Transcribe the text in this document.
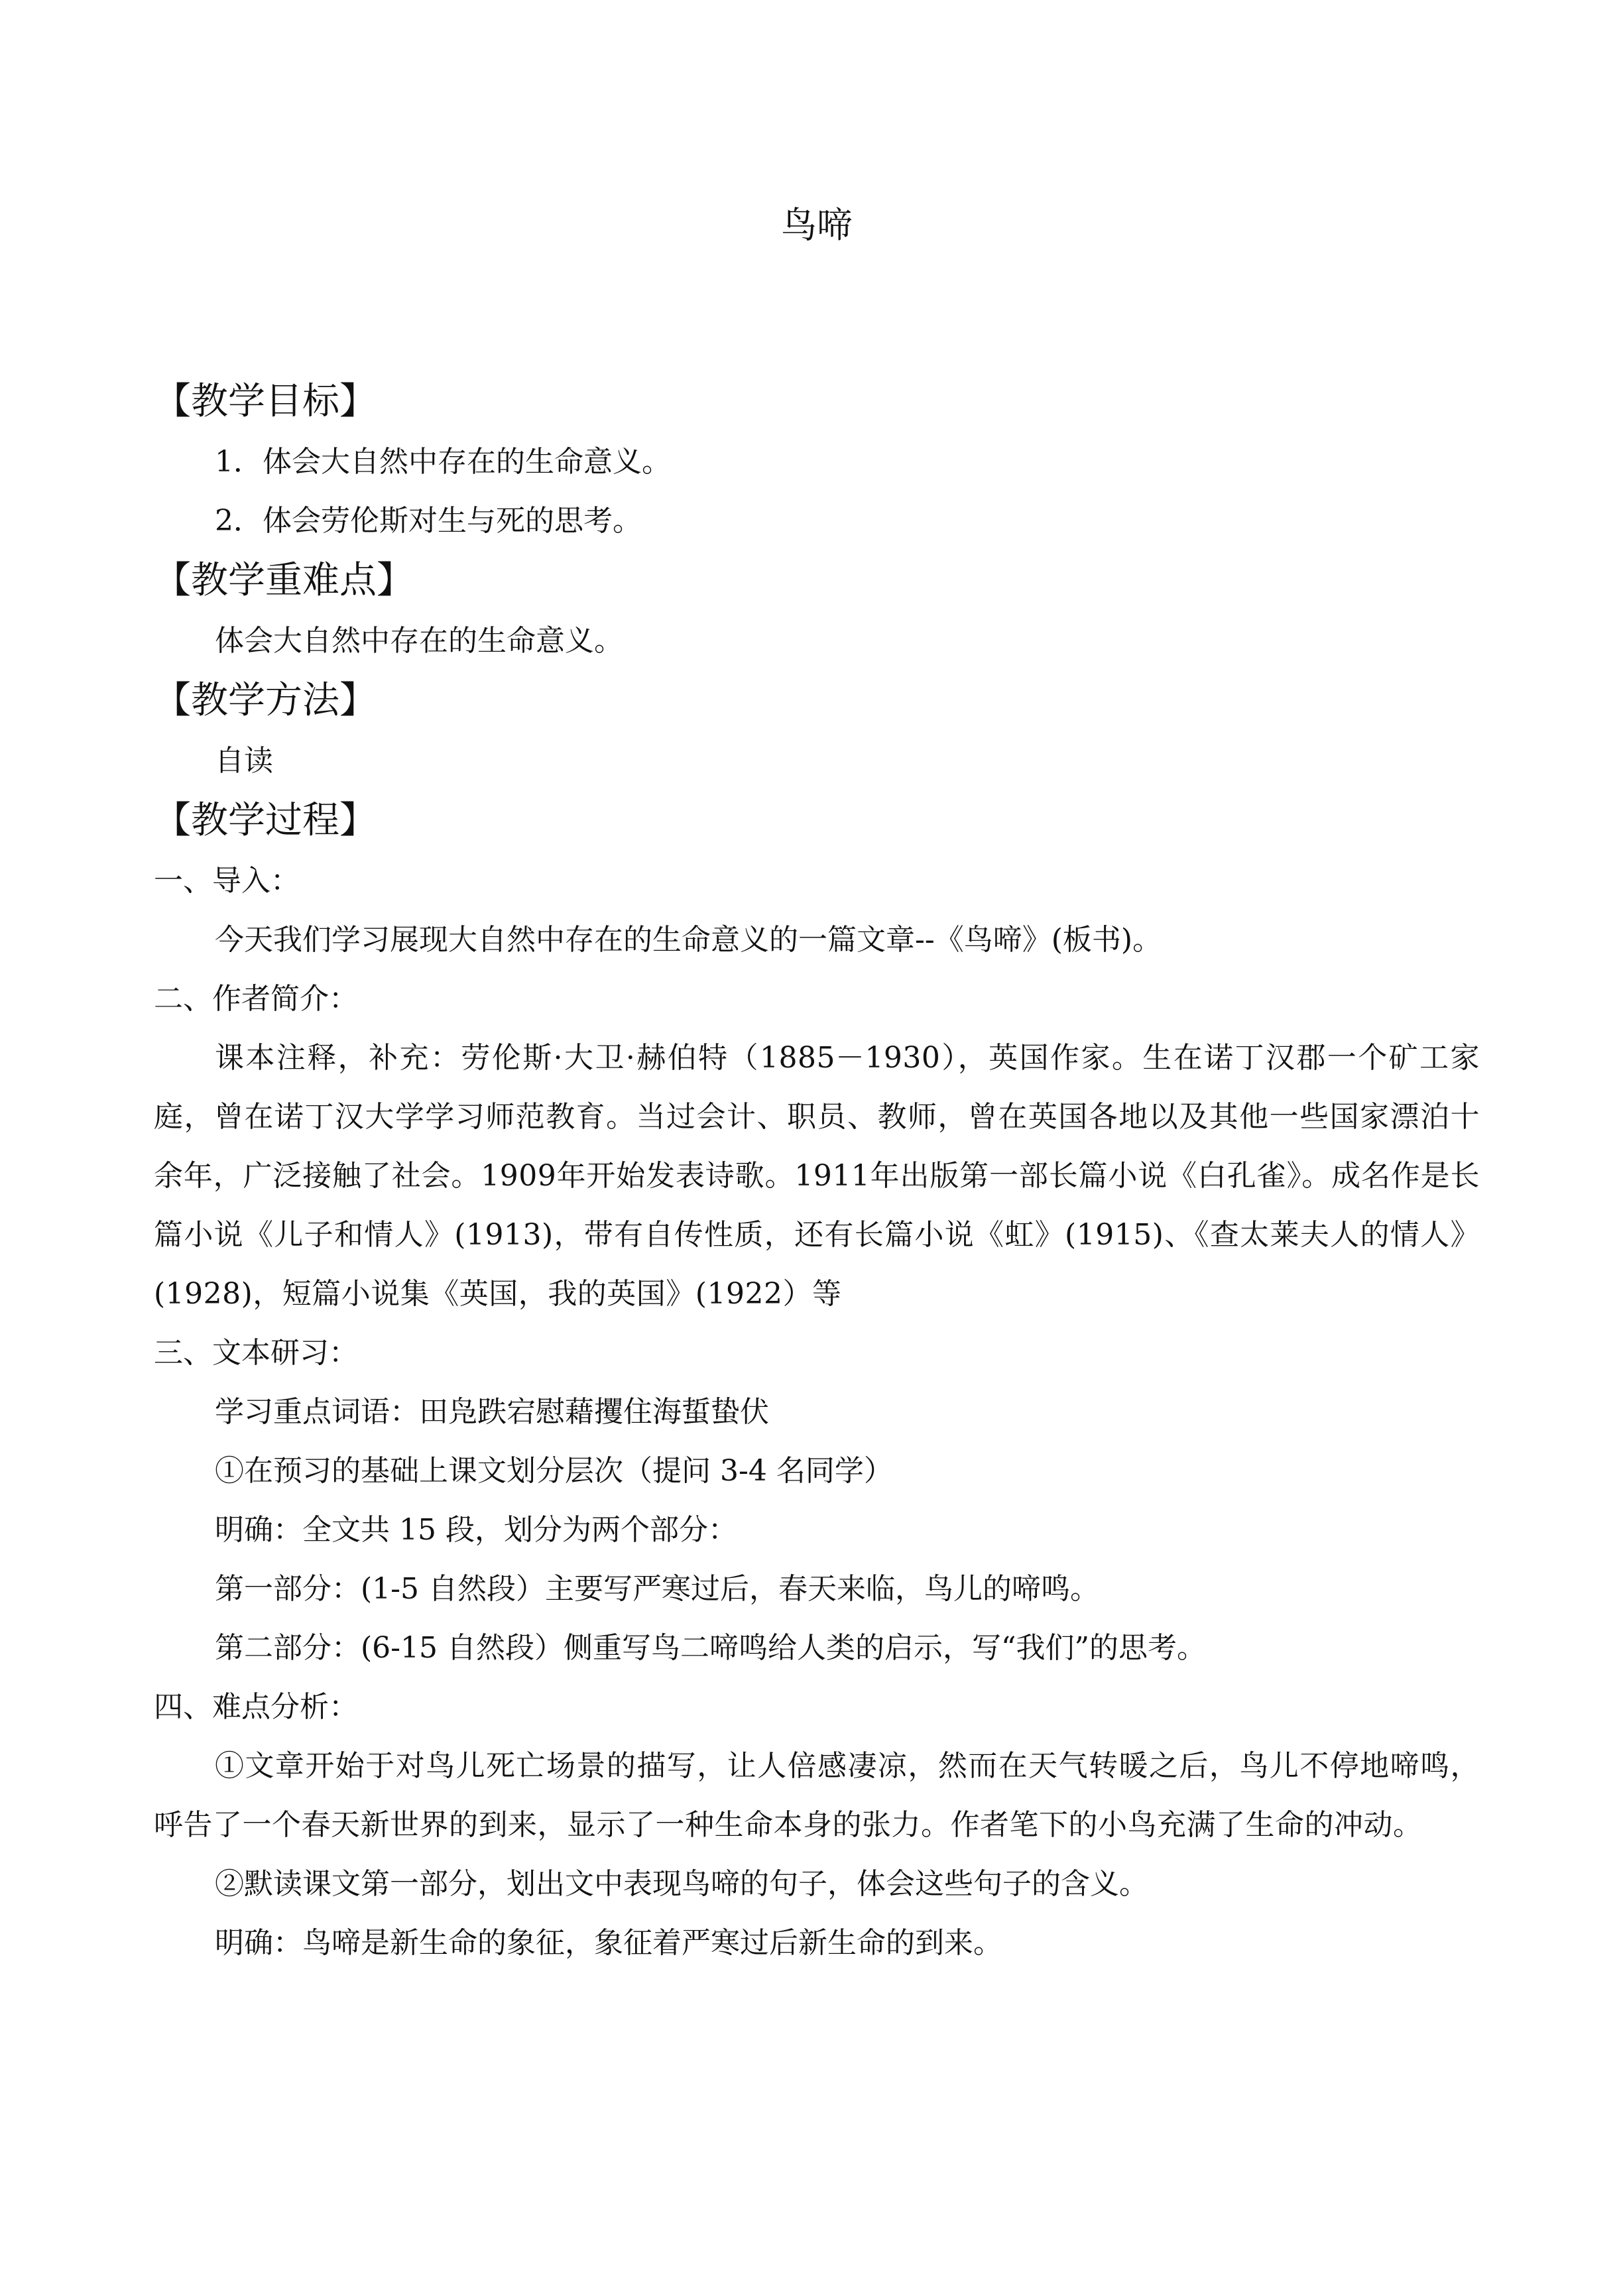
鸟啼
【教学目标】
1．体会大自然中存在的生命意义。
2．体会劳伦斯对生与死的思考。
【教学重难点】
体会大自然中存在的生命意义。
【教学方法】
自读
【教学过程】
一、导入：
今天我们学习展现大自然中存在的生命意义的一篇文章--《鸟啼》(板书)。
二、作者简介：
课本注释，补充：劳伦斯·大卫·赫伯特（1885－1930），英国作家。生在诺丁汉郡一个矿工家庭，曾在诺丁汉大学学习师范教育。当过会计、职员、教师，曾在英国各地以及其他一些国家漂泊十余年，广泛接触了社会。1909年开始发表诗歌。1911年出版第一部长篇小说《白孔雀》。成名作是长篇小说《儿子和情人》(1913)，带有自传性质，还有长篇小说《虹》(1915)、《查太莱夫人的情人》(1928)，短篇小说集《英国，我的英国》(1922）等
三、文本研习：
学习重点词语：田凫跌宕慰藉攫住海蜇蛰伏
①在预习的基础上课文划分层次（提问 3-4 名同学）
明确：全文共 15 段，划分为两个部分：
第一部分：(1-5 自然段）主要写严寒过后，春天来临，鸟儿的啼鸣。
第二部分：(6-15 自然段）侧重写鸟二啼鸣给人类的启示，写“我们”的思考。
四、难点分析：
①文章开始于对鸟儿死亡场景的描写，让人倍感凄凉，然而在天气转暖之后，鸟儿不停地啼鸣，呼告了一个春天新世界的到来，显示了一种生命本身的张力。作者笔下的小鸟充满了生命的冲动。
②默读课文第一部分，划出文中表现鸟啼的句子，体会这些句子的含义。
明确：鸟啼是新生命的象征，象征着严寒过后新生命的到来。
